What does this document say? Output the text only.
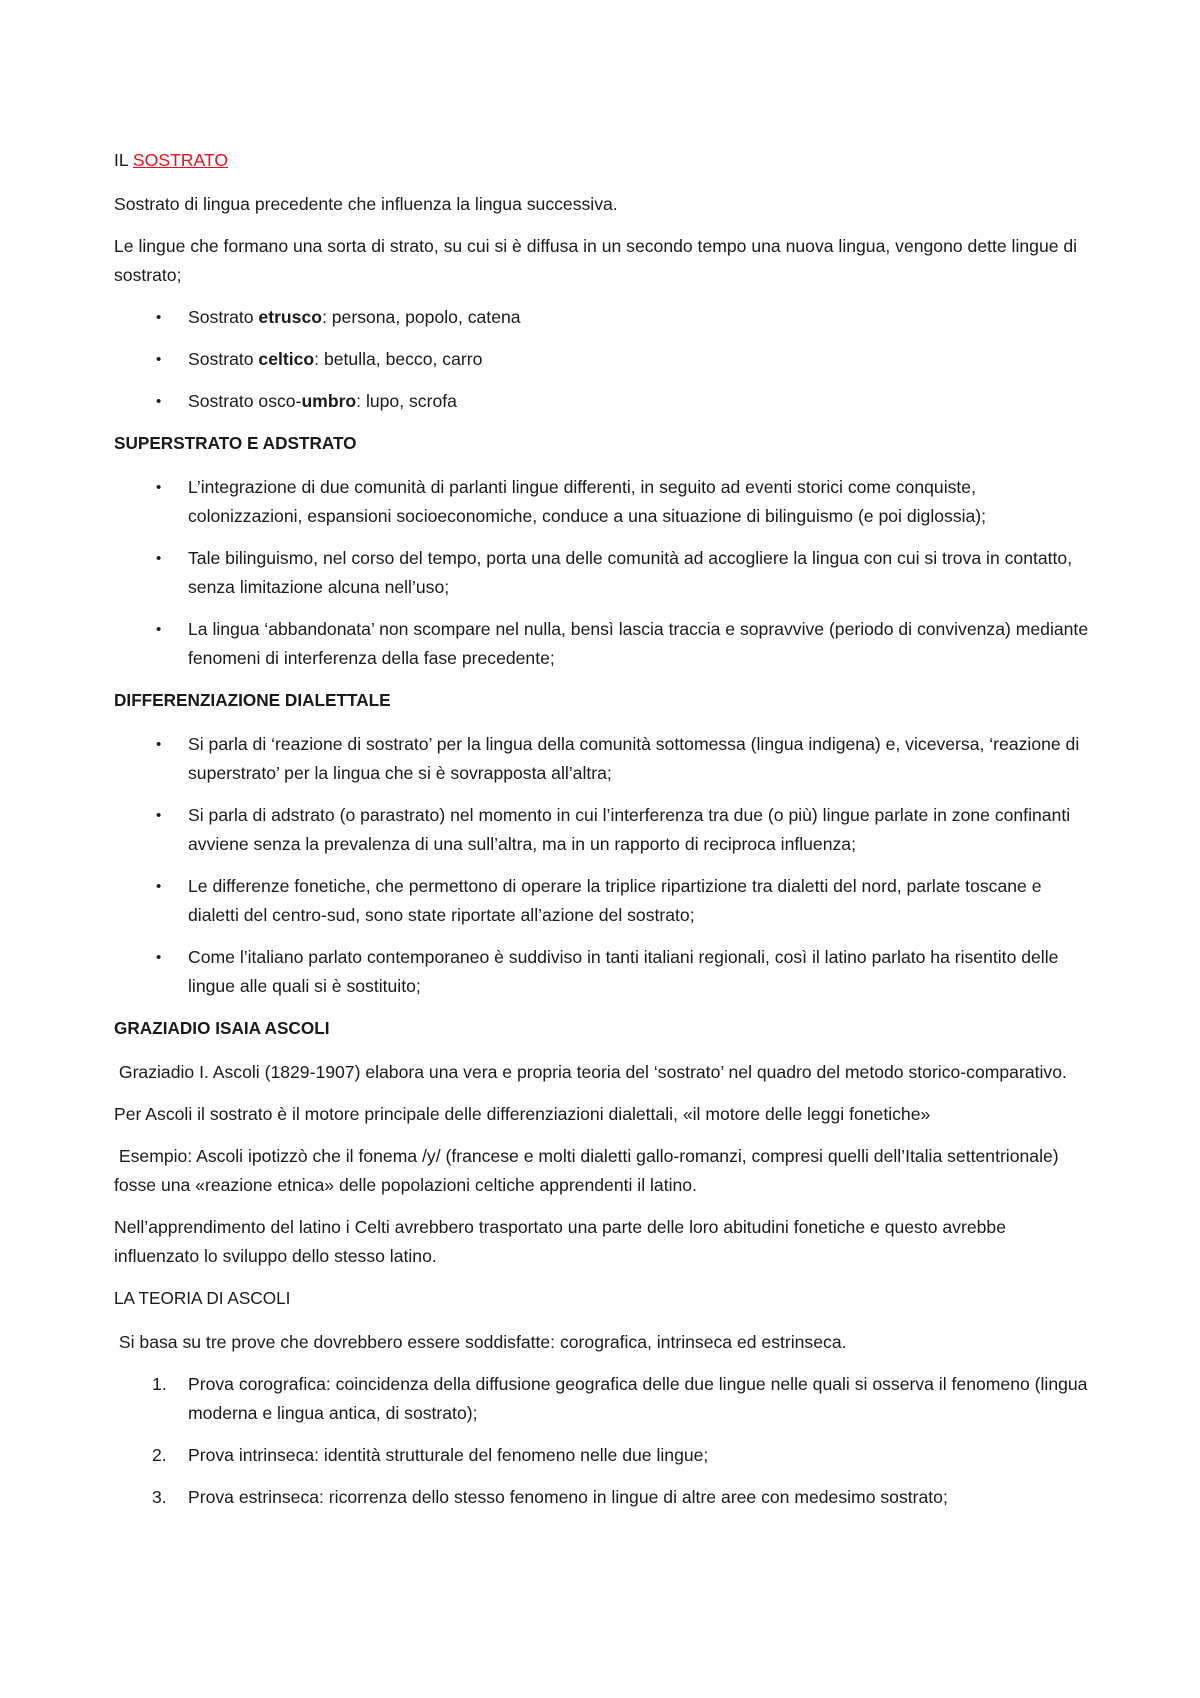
IL SOSTRATO

Sostrato di lingua precedente che influenza la lingua successiva.

Le lingue che formano una sorta di strato, su cui si è diffusa in un secondo tempo una nuova lingua, vengono dette lingue di sostrato;

• Sostrato etrusco: persona, popolo, catena
• Sostrato celtico: betulla, becco, carro
• Sostrato osco-umbro: lupo, scrofa
SUPERSTRATO E ADSTRATO
• L’integrazione di due comunità di parlanti lingue differenti, in seguito ad eventi storici come conquiste, colonizzazioni, espansioni socioeconomiche, conduce a una situazione di bilinguismo (e poi diglossia);
• Tale bilinguismo, nel corso del tempo, porta una delle comunità ad accogliere la lingua con cui si trova in contatto, senza limitazione alcuna nell’uso;
• La lingua ‘abbandonata’ non scompare nel nulla, bensì lascia traccia e sopravvive (periodo di convivenza) mediante fenomeni di interferenza della fase precedente;
DIFFERENZIAZIONE DIALETTALE
• Si parla di ‘reazione di sostrato’ per la lingua della comunità sottomessa (lingua indigena) e, viceversa, ‘reazione di superstrato’ per la lingua che si è sovrapposta all’altra;
• Si parla di adstrato (o parastrato) nel momento in cui l’interferenza tra due (o più) lingue parlate in zone confinanti avviene senza la prevalenza di una sull’altra, ma in un rapporto di reciproca influenza;
• Le differenze fonetiche, che permettono di operare la triplice ripartizione tra dialetti del nord, parlate toscane e dialetti del centro-sud, sono state riportate all’azione del sostrato;
• Come l’italiano parlato contemporaneo è suddiviso in tanti italiani regionali, così il latino parlato ha risentito delle lingue alle quali si è sostituito;
GRAZIADIO ISAIA ASCOLI

Graziadio I. Ascoli (1829-1907) elabora una vera e propria teoria del ‘sostrato’ nel quadro del metodo storico-comparativo.

Per Ascoli il sostrato è il motore principale delle differenziazioni dialettali, «il motore delle leggi fonetiche»

Esempio: Ascoli ipotizzò che il fonema /y/ (francese e molti dialetti gallo-romanzi, compresi quelli dell’Italia settentrionale) fosse una «reazione etnica» delle popolazioni celtiche apprendenti il latino.

Nell’apprendimento del latino i Celti avrebbero trasportato una parte delle loro abitudini fonetiche e questo avrebbe influenzato lo sviluppo dello stesso latino.

LA TEORIA DI ASCOLI

Si basa su tre prove che dovrebbero essere soddisfatte: corografica, intrinseca ed estrinseca.

1. Prova corografica: coincidenza della diffusione geografica delle due lingue nelle quali si osserva il fenomeno (lingua moderna e lingua antica, di sostrato);
2. Prova intrinseca: identità strutturale del fenomeno nelle due lingue;
3. Prova estrinseca: ricorrenza dello stesso fenomeno in lingue di altre aree con medesimo sostrato;
